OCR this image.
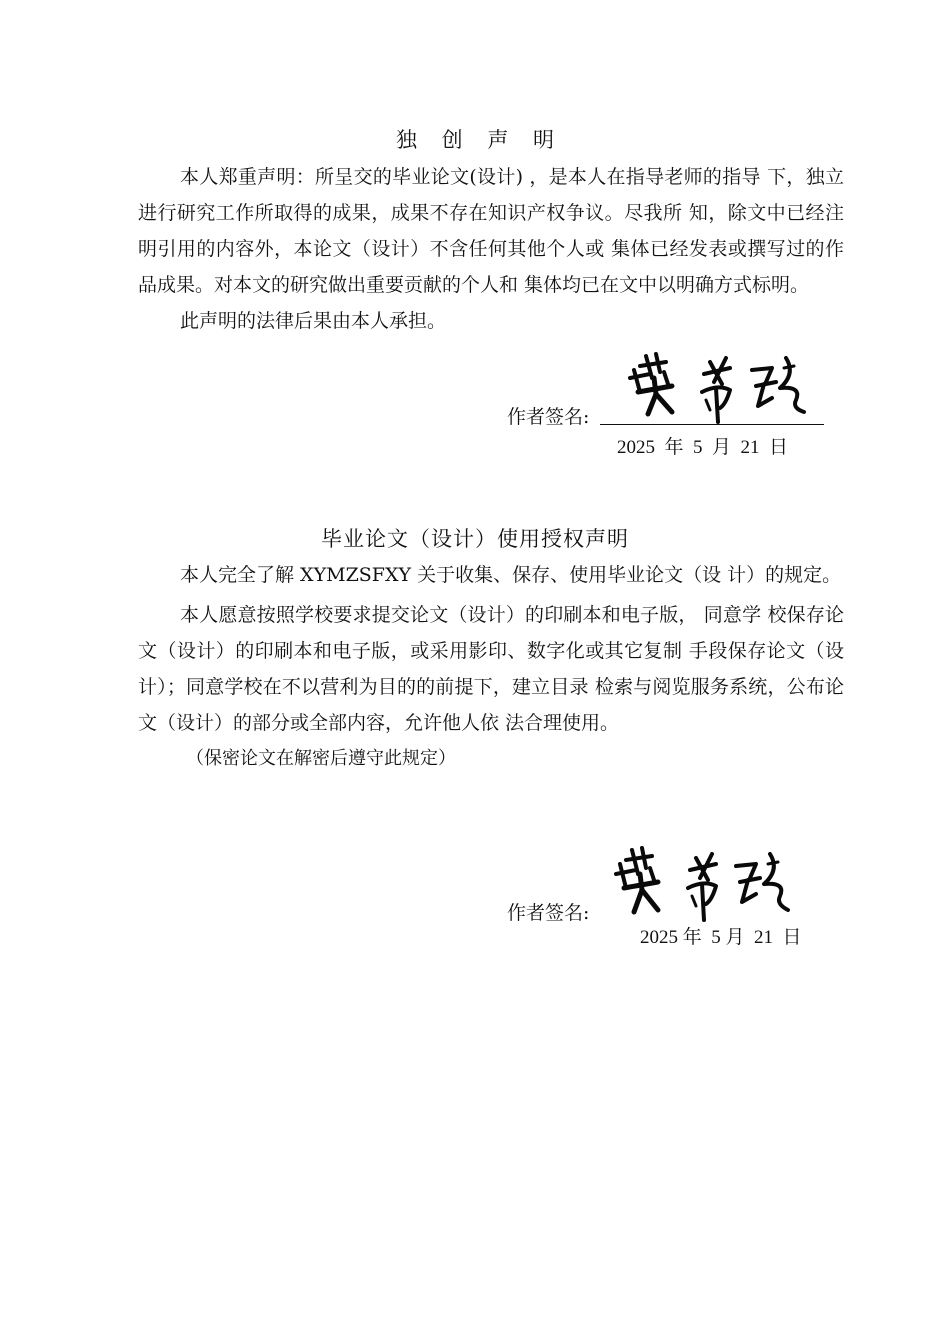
独 创 声 明

本人郑重声明：所呈交的毕业论文(设计) ，是本人在指导老师的指导 下，独立进行研究工作所取得的成果，成果不存在知识产权争议。尽我所 知，除文中已经注明引用的内容外，本论文（设计）不含任何其他个人或 集体已经发表或撰写过的作品成果。对本文的研究做出重要贡献的个人和 集体均已在文中以明确方式标明。

此声明的法律后果由本人承担。

作者签名:
2025  年  5  月  21  日
毕业论文（设计）使用授权声明

本人完全了解 XYMZSFXY 关于收集、保存、使用毕业论文（设 计）的规定。

本人愿意按照学校要求提交论文（设计）的印刷本和电子版， 同意学 校保存论文（设计）的印刷本和电子版，或采用影印、数字化或其它复制 手段保存论文（设计）；同意学校在不以营利为目的的前提下，建立目录 检索与阅览服务系统，公布论文（设计）的部分或全部内容，允许他人依 法合理使用。

（保密论文在解密后遵守此规定）

作者签名:
2025 年  5 月  21  日
